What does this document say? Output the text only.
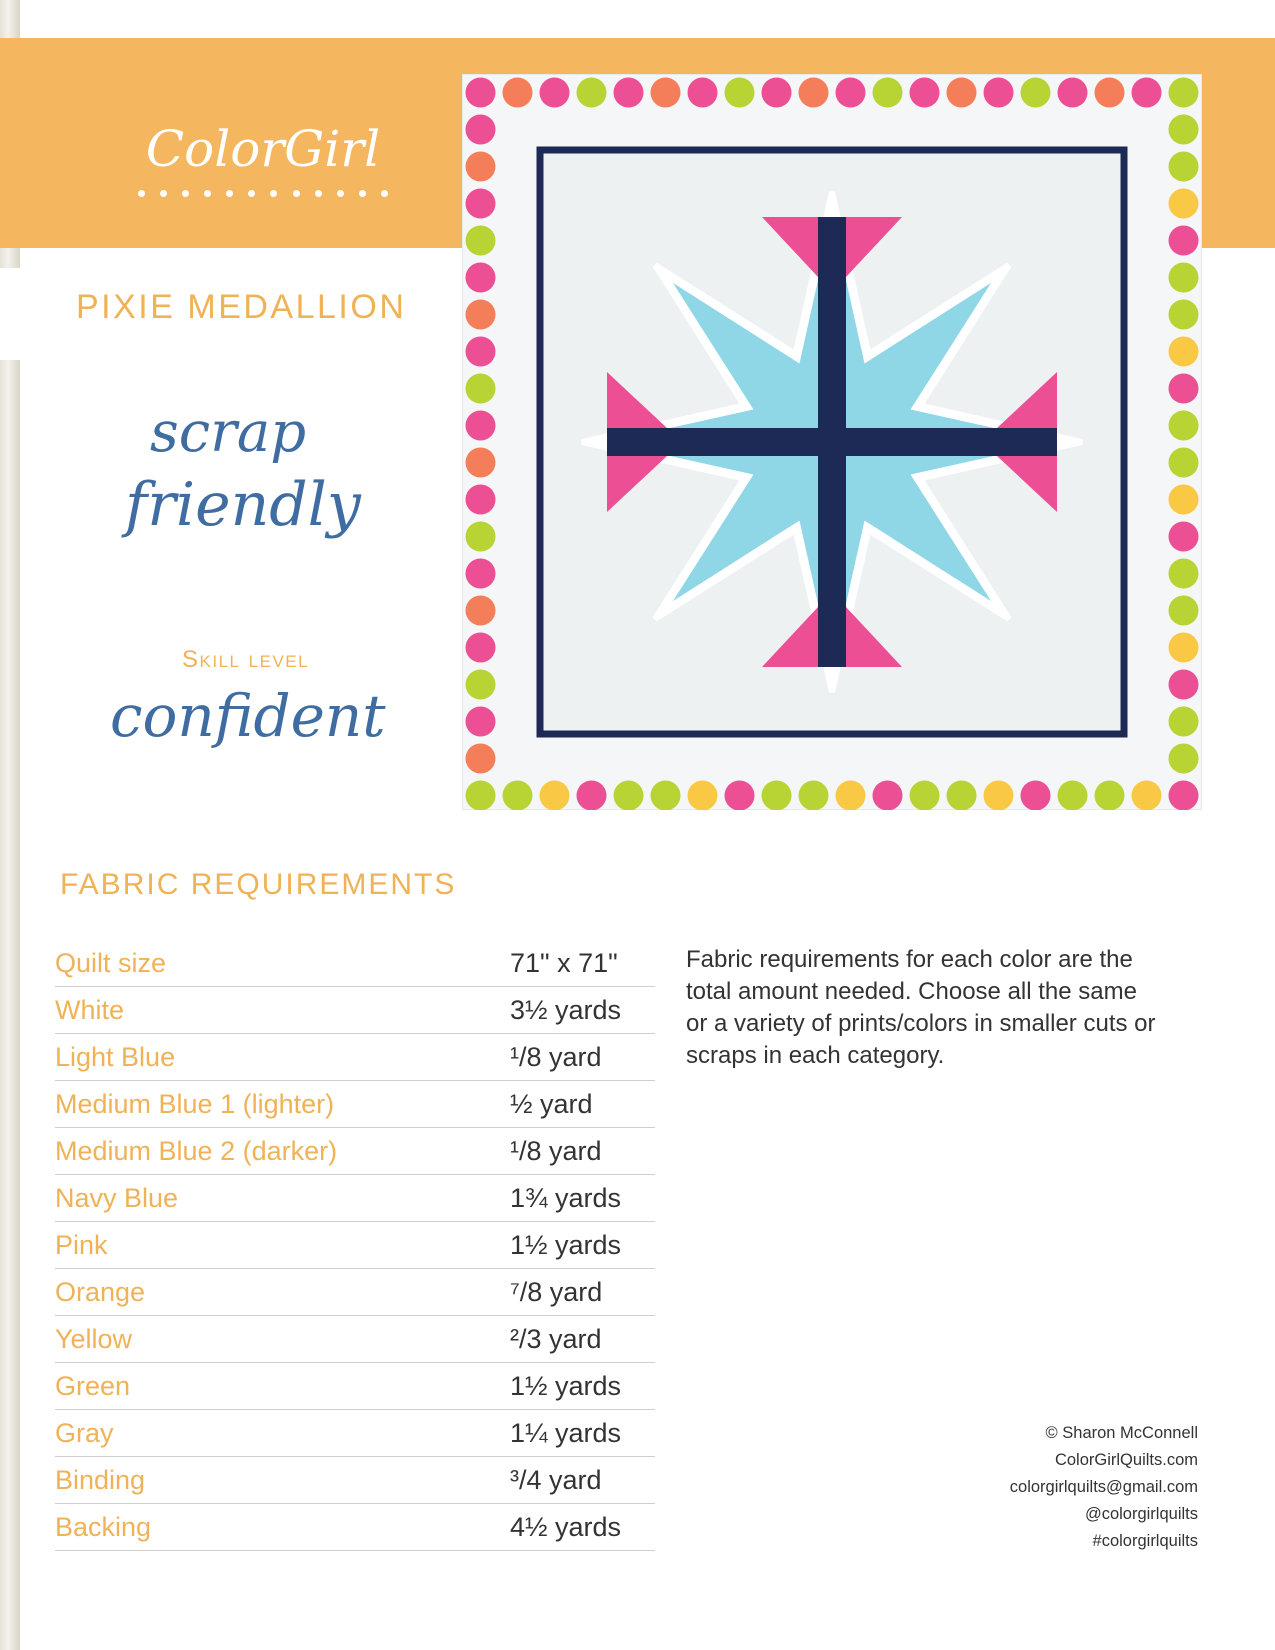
ColorGirl
PIXIE MEDALLION
scrap
friendly
Skill level
confident
FABRIC REQUIREMENTS
Quilt size	71" x 71"
White	3½ yards
Light Blue	¹/8 yard
Medium Blue 1 (lighter)	½ yard
Medium Blue 2 (darker)	¹/8 yard
Navy Blue	1¾ yards
Pink	1½ yards
Orange	⁷/8 yard
Yellow	²/3 yard
Green	1½ yards
Gray	1¼ yards
Binding	³/4 yard
Backing	4½ yards
Fabric requirements for each color are the total amount needed. Choose all the same or a variety of prints/colors in smaller cuts or scraps in each category.
© Sharon McConnell
ColorGirlQuilts.com
colorgirlquilts@gmail.com
@colorgirlquilts
#colorgirlquilts
